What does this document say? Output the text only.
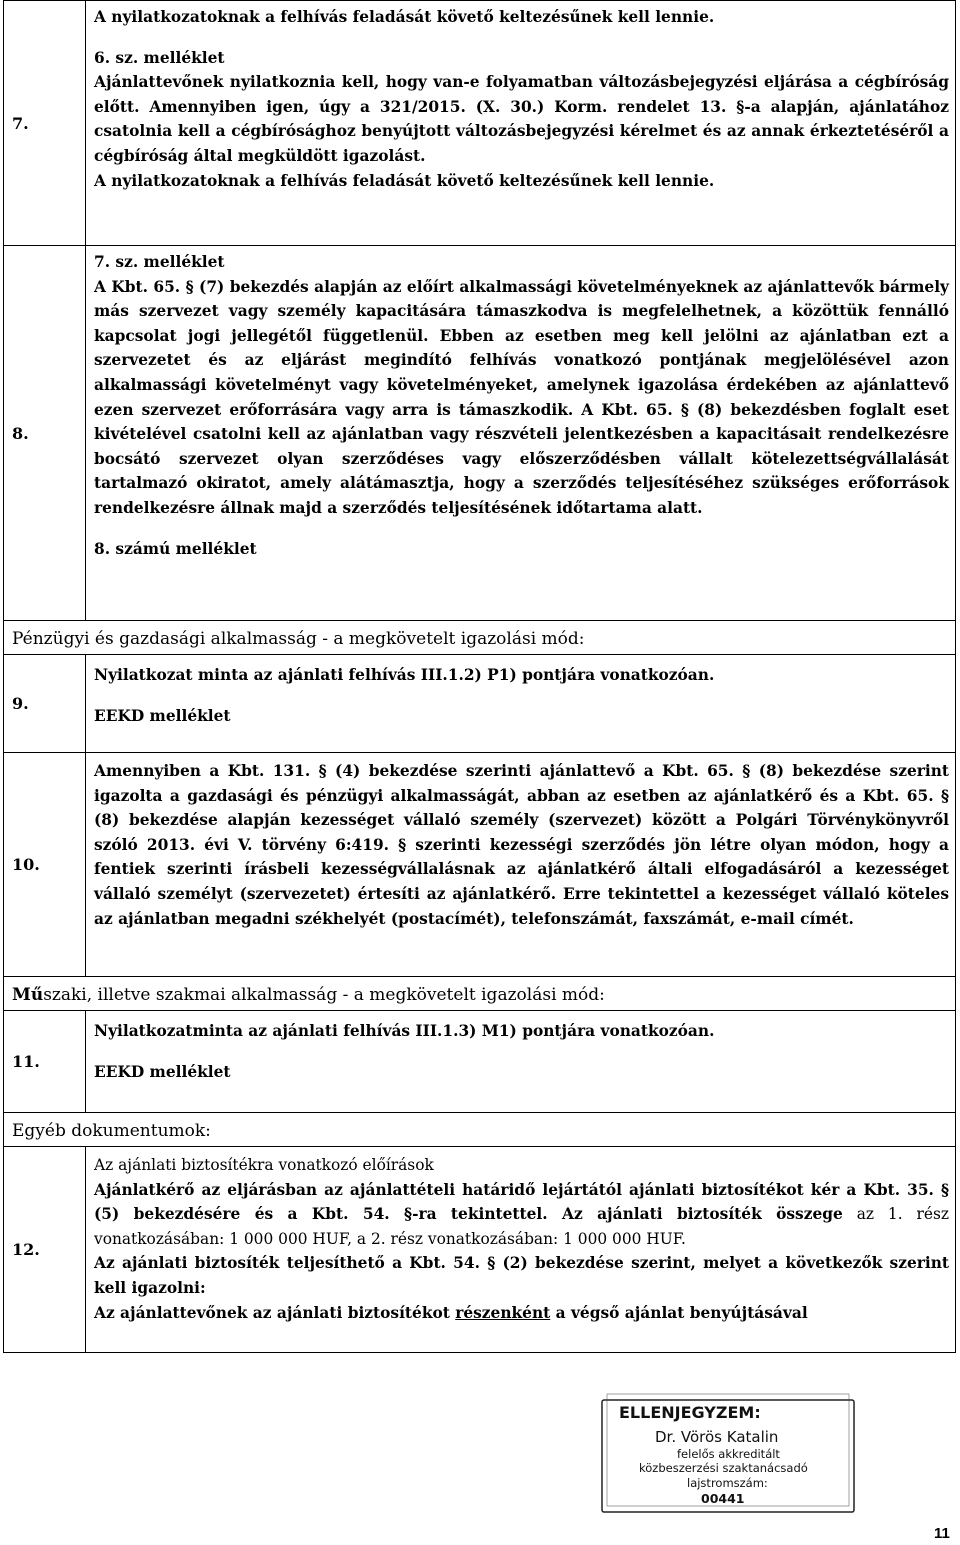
7.	A nyilatkozatoknak a felhívás feladását követő keltezésűnek kell lennie.

6. sz. melléklet

Ajánlattevőnek nyilatkoznia kell, hogy van-e folyamatban változásbejegyzési eljárása a cégbíróság előtt. Amennyiben igen, úgy a 321/2015. (X. 30.) Korm. rendelet 13. §-a alapján, ajánlatához csatolnia kell a cégbírósághoz benyújtott változásbejegyzési kérelmet és az annak érkeztetéséről a cégbíróság által megküldött igazolást.

A nyilatkozatoknak a felhívás feladását követő keltezésűnek kell lennie.

8.	7. sz. melléklet

A Kbt. 65. § (7) bekezdés alapján az előírt alkalmassági követelményeknek az ajánlattevők bármely más szervezet vagy személy kapacitására támaszkodva is megfelelhetnek, a közöttük fennálló kapcsolat jogi jellegétől függetlenül. Ebben az esetben meg kell jelölni az ajánlatban ezt a szervezetet és az eljárást megindító felhívás vonatkozó pontjának megjelölésével azon alkalmassági követelményt vagy követelményeket, amelynek igazolása érdekében az ajánlattevő ezen szervezet erőforrására vagy arra is támaszkodik. A Kbt. 65. § (8) bekezdésben foglalt eset kivételével csatolni kell az ajánlatban vagy részvételi jelentkezésben a kapacitásait rendelkezésre bocsátó szervezet olyan szerződéses vagy előszerződésben vállalt kötelezettségvállalását tartalmazó okiratot, amely alátámasztja, hogy a szerződés teljesítéséhez szükséges erőforrások rendelkezésre állnak majd a szerződés teljesítésének időtartama alatt.

8. számú melléklet

Pénzügyi és gazdasági alkalmasság - a megkövetelt igazolási mód:	
9.	Nyilatkozat minta az ajánlati felhívás III.1.2) P1) pontjára vonatkozóan.

EEKD melléklet

10.	Amennyiben a Kbt. 131. § (4) bekezdése szerinti ajánlattevő a Kbt. 65. § (8) bekezdése szerint igazolta a gazdasági és pénzügyi alkalmasságát, abban az esetben az ajánlatkérő és a Kbt. 65. § (8) bekezdése alapján kezességet vállaló személy (szervezet) között a Polgári Törvénykönyvről szóló 2013. évi V. törvény 6:419. § szerinti kezességi szerződés jön létre olyan módon, hogy a fentiek szerinti írásbeli kezességvállalásnak az ajánlatkérő általi elfogadásáról a kezességet vállaló személyt (szervezetet) értesíti az ajánlatkérő. Erre tekintettel a kezességet vállaló köteles az ajánlatban megadni székhelyét (postacímét), telefonszámát, faxszámát, e-mail címét.

Műszaki, illetve szakmai alkalmasság - a megkövetelt igazolási mód:	
11.	Nyilatkozatminta az ajánlati felhívás III.1.3) M1) pontjára vonatkozóan.

EEKD melléklet

Egyéb dokumentumok:	
12.	Az ajánlati biztosítékra vonatkozó előírások

Ajánlatkérő az eljárásban az ajánlattételi határidő lejártától ajánlati biztosítékot kér a Kbt. 35. § (5) bekezdésére és a Kbt. 54. §-ra tekintettel. Az ajánlati biztosíték összege az 1. rész vonatkozásában: 1 000 000 HUF, a 2. rész vonatkozásában: 1 000 000 HUF.

Az ajánlati biztosíték teljesíthető a Kbt. 54. § (2) bekezdése szerint, melyet a következők szerint kell igazolni:

Az ajánlattevőnek az ajánlati biztosítékot részenként a végső ajánlat benyújtásával

ELLENJEGYZEM:
Dr. Vörös Katalin
felelős akkreditált
közbeszerzési szaktanácsadó
lajstromszám:
00441
11
